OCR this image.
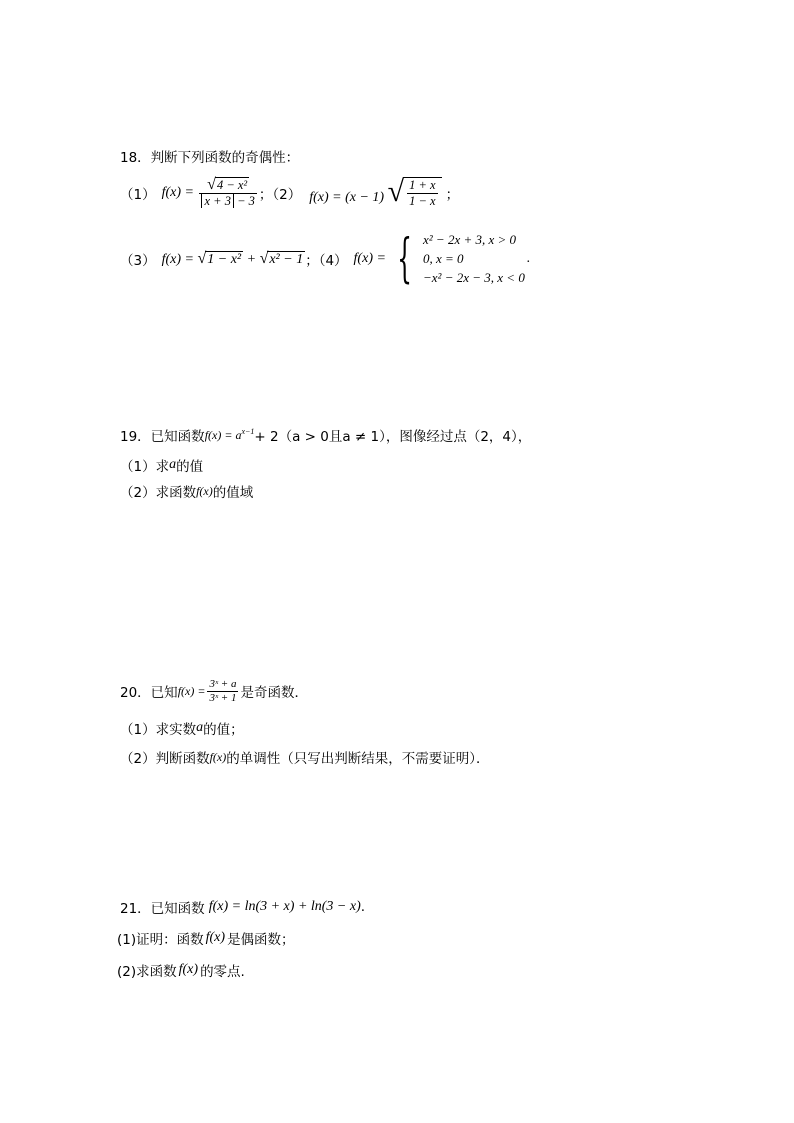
18．判断下列函数的奇偶性：
（1） $f(x) = \frac{\text{√ 4 − x²}}{x + 3 - 3}$ ；（2） f(x) = (x − 1) √ $\frac{1 + x}{1 - x}$ ；
（3） f(x) = √ 1 − x² + √ x² − 1 ；（4） f(x) = { x² − 2x + 3, x > 0
0, x = 0
−x² − 2x − 3, x < 0
.
19．已知函数 $f(x) = a^{x-1} + 2(a > 0$且a ≠ 1），图像经过点（2，4），
（1）求 a 的值
（2）求函数 f(x) 的值域
20．已知 $f(x) = \frac{\text{3ˣ + a}}{\text{3ˣ + 1}}$ 是奇函数．
（1）求实数 a 的值；
（2）判断函数 f(x) 的单调性（只写出判断结果，不需要证明）．
21．已知函数 f(x) = ln(3 + x) + ln(3 − x) .
(1)证明：函数 f(x) 是偶函数；
(2)求函数 f(x) 的零点.
